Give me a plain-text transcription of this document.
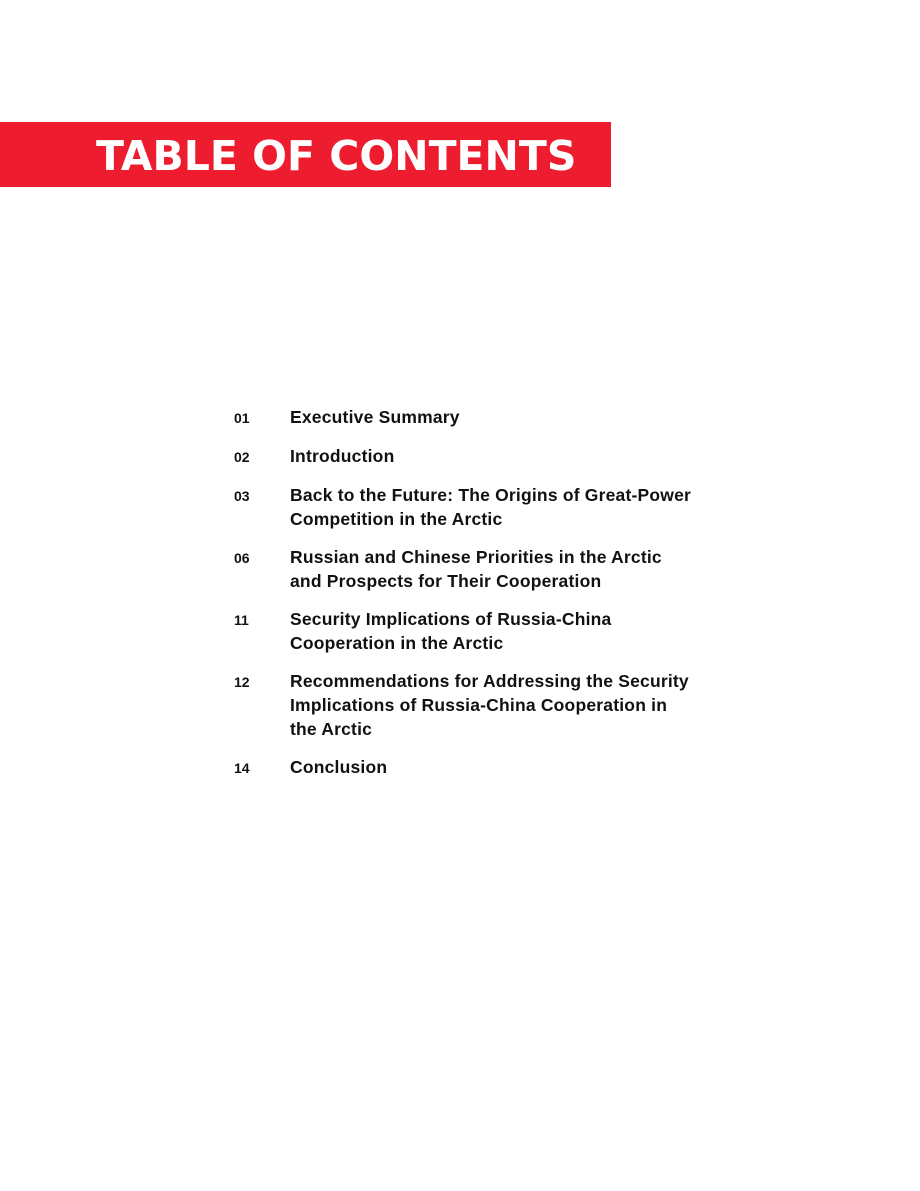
TABLE OF CONTENTS
01	Executive Summary
02	Introduction
03	Back to the Future: The Origins of Great-Power
Competition in the Arctic
06	Russian and Chinese Priorities in the Arctic
and Prospects for Their Cooperation
11	Security Implications of Russia-China
Cooperation in the Arctic
12	Recommendations for Addressing the Security
Implications of Russia-China Cooperation in
the Arctic
14	Conclusion
